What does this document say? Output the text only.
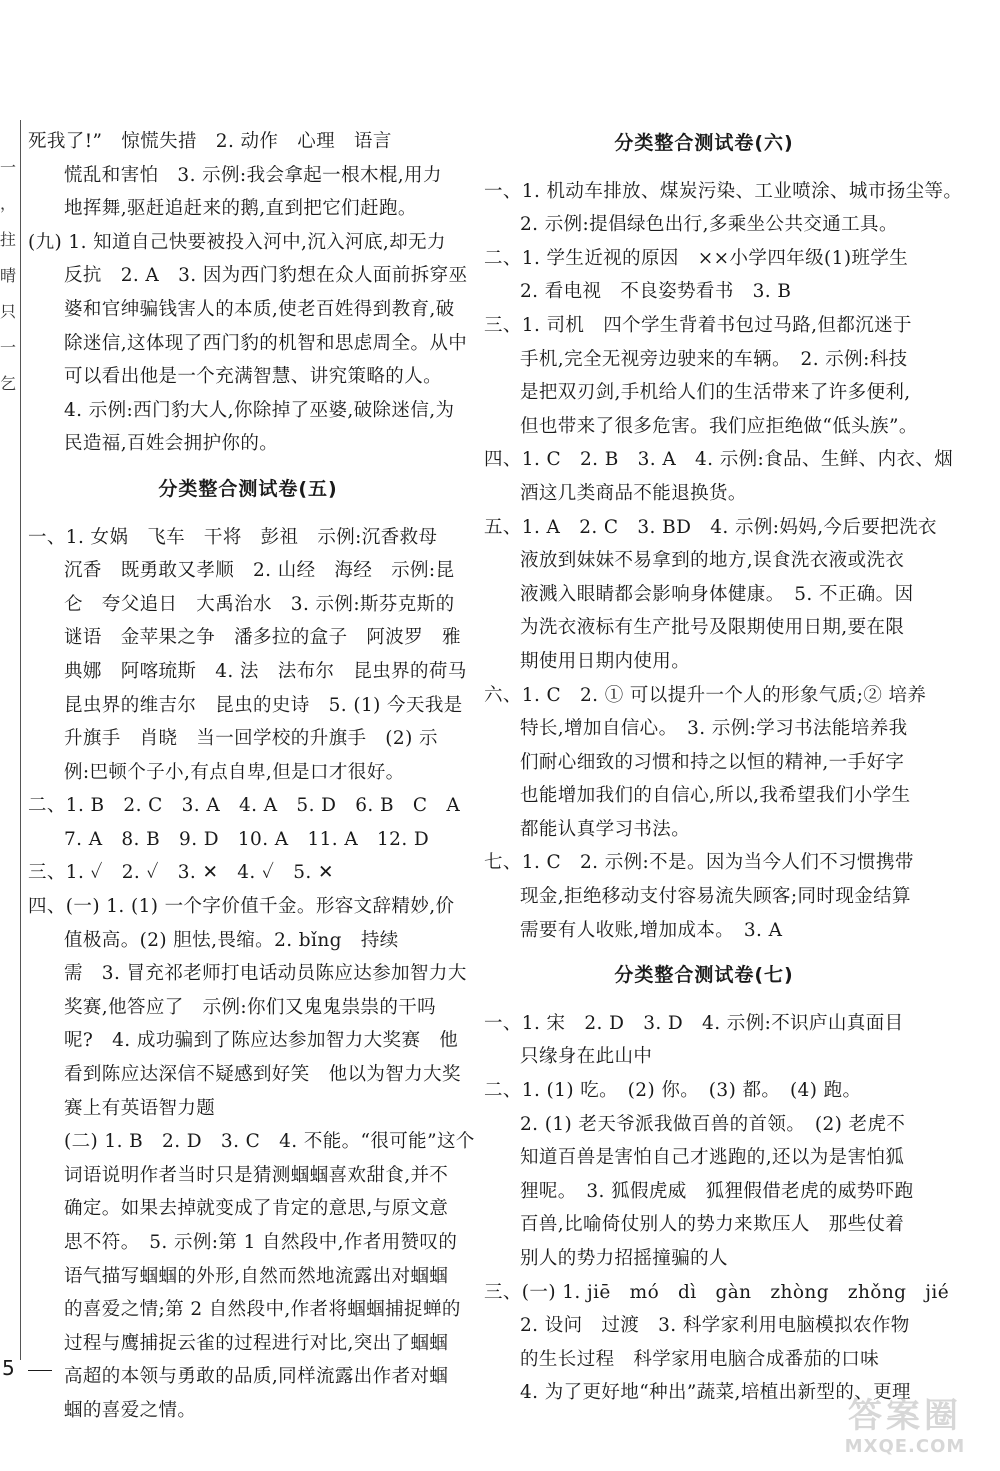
一
，
拄
晴
只
一
乞
死我了!”　惊慌失措　2. 动作　心理　语言
慌乱和害怕　3. 示例:我会拿起一根木棍,用力
地挥舞,驱赶追赶来的鹅,直到把它们赶跑。
(九) 1. 知道自己快要被投入河中,沉入河底,却无力
反抗　2. A　3. 因为西门豹想在众人面前拆穿巫
婆和官绅骗钱害人的本质,使老百姓得到教育,破
除迷信,这体现了西门豹的机智和思虑周全。从中
可以看出他是一个充满智慧、讲究策略的人。
4. 示例:西门豹大人,你除掉了巫婆,破除迷信,为
民造福,百姓会拥护你的。
分类整合测试卷(五)
一、1. 女娲　飞车　干将　彭祖　示例:沉香救母
沉香　既勇敢又孝顺　2. 山经　海经　示例:昆
仑　夸父追日　大禹治水　3. 示例:斯芬克斯的
谜语　金苹果之争　潘多拉的盒子　阿波罗　雅
典娜　阿喀琉斯　4. 法　法布尔　昆虫界的荷马
昆虫界的维吉尔　昆虫的史诗　5. (1) 今天我是
升旗手　肖晓　当一回学校的升旗手　(2) 示
例:巴顿个子小,有点自卑,但是口才很好。
二、1. B　2. C　3. A　4. A　5. D　6. B　C　A
7. A　8. B　9. D　10. A　11. A　12. D
三、1. ✓　2. ✓　3. ✕　4. ✓　5. ✕
四、(一) 1. (1) 一个字价值千金。形容文辞精妙,价
值极高。(2) 胆怯,畏缩。2. bǐng　持续
需　3. 冒充祁老师打电话动员陈应达参加智力大
奖赛,他答应了　示例:你们又鬼鬼祟祟的干吗
呢?　4. 成功骗到了陈应达参加智力大奖赛　他
看到陈应达深信不疑感到好笑　他以为智力大奖
赛上有英语智力题
(二) 1. B　2. D　3. C　4. 不能。“很可能”这个
词语说明作者当时只是猜测蝈蝈喜欢甜食,并不
确定。如果去掉就变成了肯定的意思,与原文意
思不符。　5. 示例:第 1 自然段中,作者用赞叹的
语气描写蝈蝈的外形,自然而然地流露出对蝈蝈
的喜爱之情;第 2 自然段中,作者将蝈蝈捕捉蝉的
过程与鹰捕捉云雀的过程进行对比,突出了蝈蝈
高超的本领与勇敢的品质,同样流露出作者对蝈
蝈的喜爱之情。
分类整合测试卷(六)
一、1. 机动车排放、煤炭污染、工业喷涂、城市扬尘等。
2. 示例:提倡绿色出行,多乘坐公共交通工具。
二、1. 学生近视的原因　××小学四年级(1)班学生
2. 看电视　不良姿势看书　3. B
三、1. 司机　四个学生背着书包过马路,但都沉迷于
手机,完全无视旁边驶来的车辆。　2. 示例:科技
是把双刃剑,手机给人们的生活带来了许多便利,
但也带来了很多危害。我们应拒绝做“低头族”。
四、1. C　2. B　3. A　4. 示例:食品、生鲜、内衣、烟
酒这几类商品不能退换货。
五、1. A　2. C　3. BD　4. 示例:妈妈,今后要把洗衣
液放到妹妹不易拿到的地方,误食洗衣液或洗衣
液溅入眼睛都会影响身体健康。　5. 不正确。因
为洗衣液标有生产批号及限期使用日期,要在限
期使用日期内使用。
六、1. C　2. ① 可以提升一个人的形象气质;② 培养
特长,增加自信心。　3. 示例:学习书法能培养我
们耐心细致的习惯和持之以恒的精神,一手好字
也能增加我们的自信心,所以,我希望我们小学生
都能认真学习书法。
七、1. C　2. 示例:不是。因为当今人们不习惯携带
现金,拒绝移动支付容易流失顾客;同时现金结算
需要有人收账,增加成本。　3. A
分类整合测试卷(七)
一、1. 宋　2. D　3. D　4. 示例:不识庐山真面目
只缘身在此山中
二、1. (1) 吃。　(2) 你。　(3) 都。　(4) 跑。
2. (1) 老天爷派我做百兽的首领。　(2) 老虎不
知道百兽是害怕自己才逃跑的,还以为是害怕狐
狸呢。　3. 狐假虎威　狐狸假借老虎的威势吓跑
百兽,比喻倚仗别人的势力来欺压人　那些仗着
别人的势力招摇撞骗的人
三、(一) 1. jiē　mó　dì　gàn　zhòng　zhǒng　jié
2. 设问　过渡　3. 科学家利用电脑模拟农作物
的生长过程　科学家用电脑合成番茄的口味
4. 为了更好地“种出”蔬菜,培植出新型的、更理
5
答案圈
MXQE.COM
